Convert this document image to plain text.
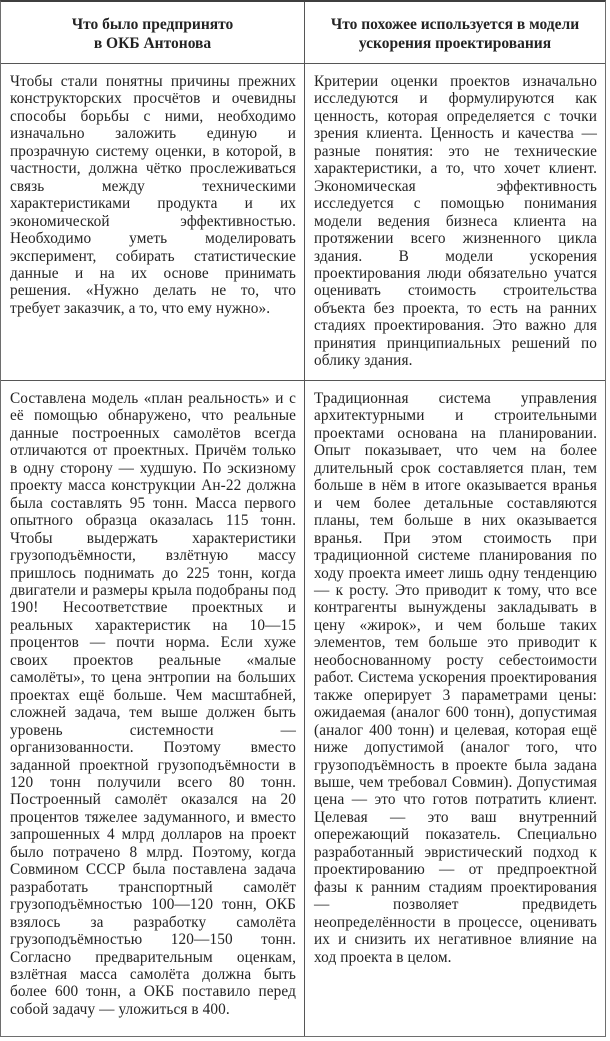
Что было предпринято
в ОКБ Антонова
Что похожее используется в модели
ускорения проектирования
Чтобы стали понятны причины прежних конструкторских просчётов и очевидны способы борьбы с ними, необходимо изначально заложить единую и прозрачную систему оценки, в которой, в частности, должна чётко прослеживаться связь между техническими характеристиками продукта и их экономической эффективностью. Необходимо уметь моделировать эксперимент, собирать статистические данные и на их основе принимать решения. «Нужно делать не то, что требует заказчик, а то, что ему нужно».
Критерии оценки проектов изначально исследуются и формулируются как ценность, которая определяется с точки зрения клиента. Ценность и качества — разные понятия: это не технические характеристики, а то, что хочет клиент. Экономическая эффективность исследуется с помощью понимания модели ведения бизнеса клиента на протяжении всего жизненного цикла здания. В модели ускорения проектирования люди обязательно учатся оценивать стоимость строительства объекта без проекта, то есть на ранних стадиях проектирования. Это важно для принятия принципиальных решений по облику здания.
Составлена модель «план реальность» и с её помощью обнаружено, что реальные данные построенных самолётов всегда отличаются от проектных. Причём только в одну сторону — худшую. По эскизному проекту масса конструкции Ан-22 должна была составлять 95 тонн. Масса первого опытного образца оказалась 115 тонн. Чтобы выдержать характеристики грузоподъёмности, взлётную массу пришлось поднимать до 225 тонн, когда двигатели и размеры крыла подобраны под 190! Несоответствие проектных и реальных характеристик на 10—15 процентов — почти норма. Если хуже своих проектов реальные «малые самолёты», то цена энтропии на больших проектах ещё больше. Чем масштабней, сложней задача, тем выше должен быть уровень системности — организованности. Поэтому вместо заданной проектной грузоподъёмности в 120 тонн получили всего 80 тонн. Построенный самолёт оказался на 20 процентов тяжелее задуманного, и вместо запрошенных 4 млрд долларов на проект было потрачено 8 млрд. Поэтому, когда Совмином СССР была поставлена задача разработать транспортный самолёт грузоподъёмностью 100—120 тонн, ОКБ взялось за разработку самолёта грузоподъёмностью 120—150 тонн. Согласно предварительным оценкам, взлётная масса самолёта должна быть более 600 тонн, а ОКБ поставило перед собой задачу — уложиться в 400.
Традиционная система управления архитектурными и строительными проектами основана на планировании. Опыт показывает, что чем на более длительный срок составляется план, тем больше в нём в итоге оказывается вранья и чем более детальные составляются планы, тем больше в них оказывается вранья. При этом стоимость при традиционной системе планирования по ходу проекта имеет лишь одну тенденцию — к росту. Это приводит к тому, что все контрагенты вынуждены закладывать в цену «жирок», и чем больше таких элементов, тем больше это приводит к необоснованному росту себестоимости работ. Система ускорения проектирования также оперирует 3 параметрами цены: ожидаемая (аналог 600 тонн), допустимая (аналог 400 тонн) и целевая, которая ещё ниже допустимой (аналог того, что грузоподъёмность в проекте была задана выше, чем требовал Совмин). Допустимая цена — это что готов потратить клиент. Целевая — это ваш внутренний опережающий показатель. Специально разработанный эвристический подход к проектированию — от предпроектной фазы к ранним стадиям проектирования — позволяет предвидеть неопределённости в процессе, оценивать их и снизить их негативное влияние на ход проекта в целом.
